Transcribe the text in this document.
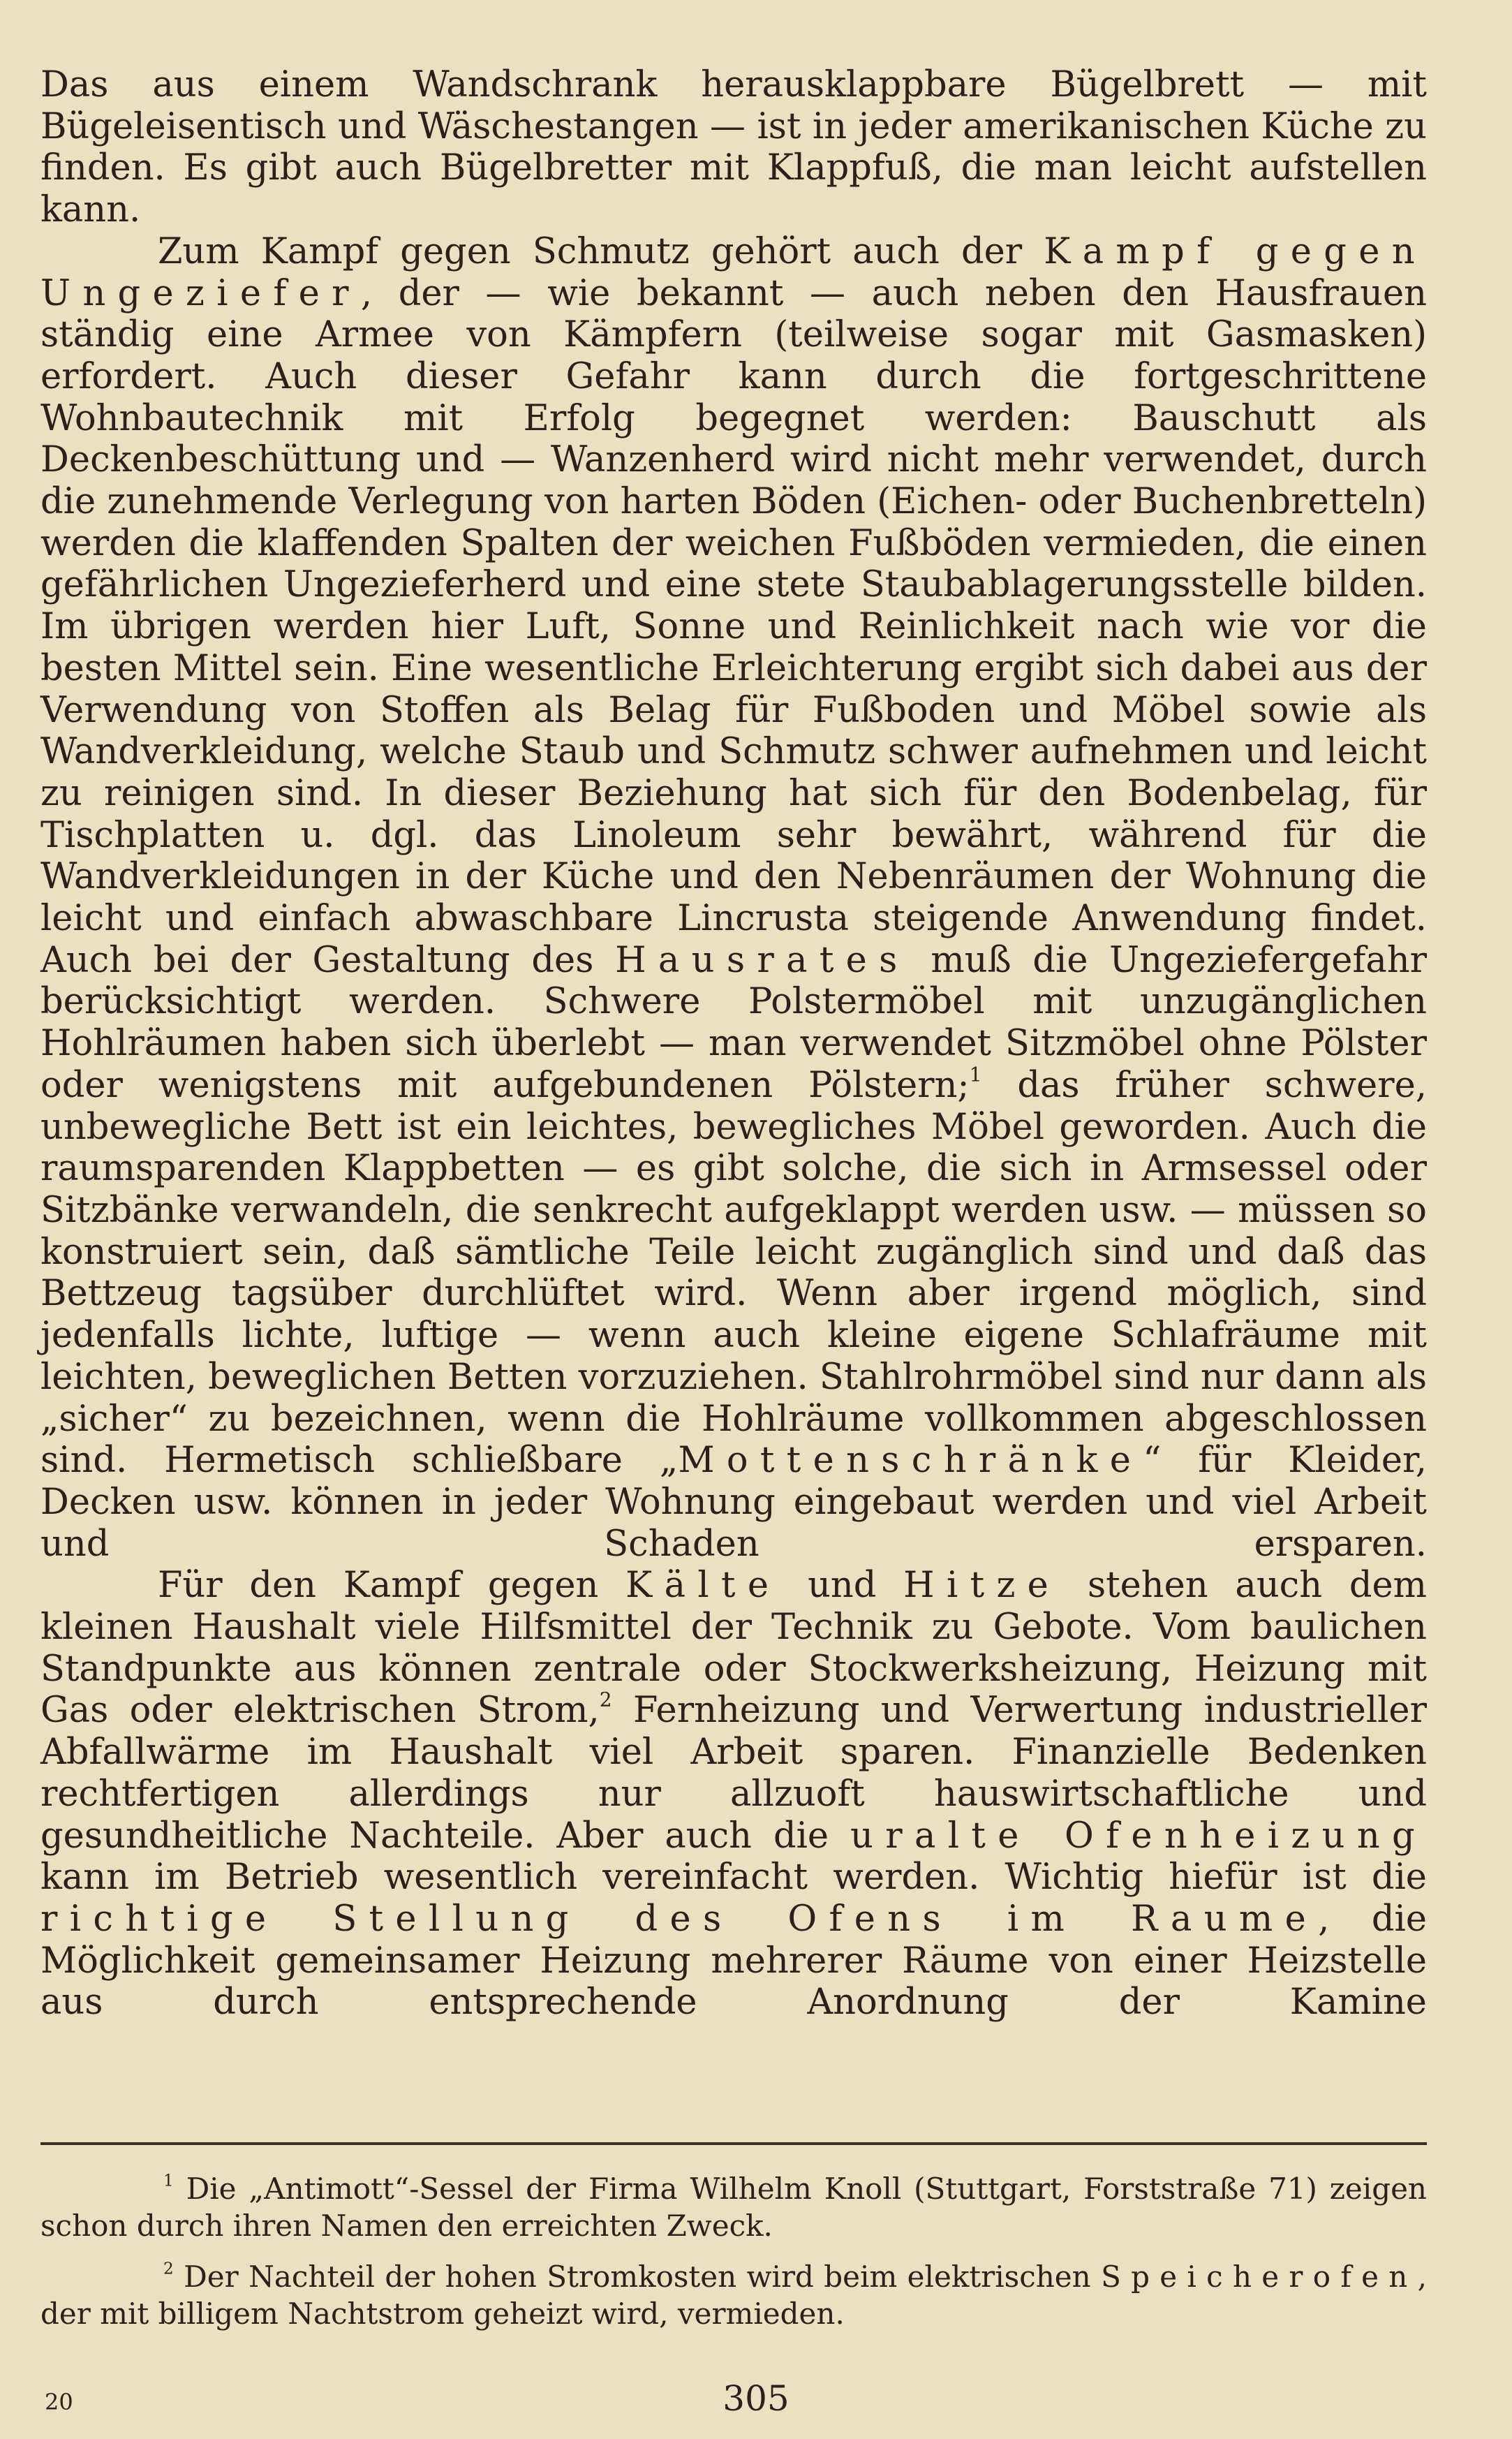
Das aus einem Wandschrank herausklappbare Bügelbrett — mit Bügeleisentisch und Wäschestangen — ist in jeder amerikanischen Küche zu finden. Es gibt auch Bügelbretter mit Klappfuß, die man leicht aufstellen kann.

Zum Kampf gegen Schmutz gehört auch der Kampf gegen Ungeziefer, der — wie bekannt — auch neben den Hausfrauen ständig eine Armee von Kämpfern (teilweise sogar mit Gasmasken) erfordert. Auch dieser Gefahr kann durch die fortgeschrittene Wohnbautechnik mit Erfolg begegnet werden: Bauschutt als Deckenbeschüttung und — Wanzenherd wird nicht mehr verwendet, durch die zunehmende Verlegung von harten Böden (Eichen- oder Buchenbretteln) werden die klaffenden Spalten der weichen Fußböden vermieden, die einen gefährlichen Ungezieferherd und eine stete Staubablagerungsstelle bilden. Im übrigen werden hier Luft, Sonne und Reinlichkeit nach wie vor die besten Mittel sein. Eine wesentliche Erleichterung ergibt sich dabei aus der Verwendung von Stoffen als Belag für Fußboden und Möbel sowie als Wandverkleidung, welche Staub und Schmutz schwer aufnehmen und leicht zu reinigen sind. In dieser Beziehung hat sich für den Bodenbelag, für Tischplatten u. dgl. das Linoleum sehr bewährt, während für die Wandverkleidungen in der Küche und den Nebenräumen der Wohnung die leicht und einfach abwaschbare Lincrusta steigende Anwendung findet. Auch bei der Gestaltung des Hausrates muß die Ungeziefergefahr berücksichtigt werden. Schwere Polstermöbel mit unzugänglichen Hohlräumen haben sich überlebt — man verwendet Sitzmöbel ohne Pölster oder wenigstens mit aufgebundenen Pölstern;$^1$ das früher schwere, unbewegliche Bett ist ein leichtes, bewegliches Möbel geworden. Auch die raumsparenden Klappbetten — es gibt solche, die sich in Armsessel oder Sitzbänke verwandeln, die senkrecht aufgeklappt werden usw. — müssen so konstruiert sein, daß sämtliche Teile leicht zugänglich sind und daß das Bettzeug tagsüber durchlüftet wird. Wenn aber irgend möglich, sind jedenfalls lichte, luftige — wenn auch kleine eigene Schlafräume mit leichten, beweglichen Betten vorzuziehen. Stahlrohrmöbel sind nur dann als „sicher“ zu bezeichnen, wenn die Hohlräume vollkommen abgeschlossen sind. Hermetisch schließbare „Mottenschränke“ für Kleider, Decken usw. können in jeder Wohnung eingebaut werden und viel Arbeit und Schaden ersparen.

Für den Kampf gegen Kälte und Hitze stehen auch dem kleinen Haushalt viele Hilfsmittel der Technik zu Gebote. Vom baulichen Standpunkte aus können zentrale oder Stockwerksheizung, Heizung mit Gas oder elektrischen Strom,$^2$ Fernheizung und Verwertung industrieller Abfallwärme im Haushalt viel Arbeit sparen. Finanzielle Bedenken rechtfertigen allerdings nur allzuoft hauswirtschaftliche und gesundheitliche Nachteile. Aber auch die uralte Ofenheizung kann im Betrieb wesentlich vereinfacht werden. Wichtig hiefür ist die richtige Stellung des Ofens im Raume, die Möglichkeit gemeinsamer Heizung mehrerer Räume von einer Heizstelle aus durch entsprechende Anordnung der Kamine

$^1$ Die „Antimott“-Sessel der Firma Wilhelm Knoll (Stuttgart, Forststraße 71) zeigen schon durch ihren Namen den erreichten Zweck.

$^2$ Der Nachteil der hohen Stromkosten wird beim elektrischen Speicherofen, der mit billigem Nachtstrom geheizt wird, vermieden.

305
20
